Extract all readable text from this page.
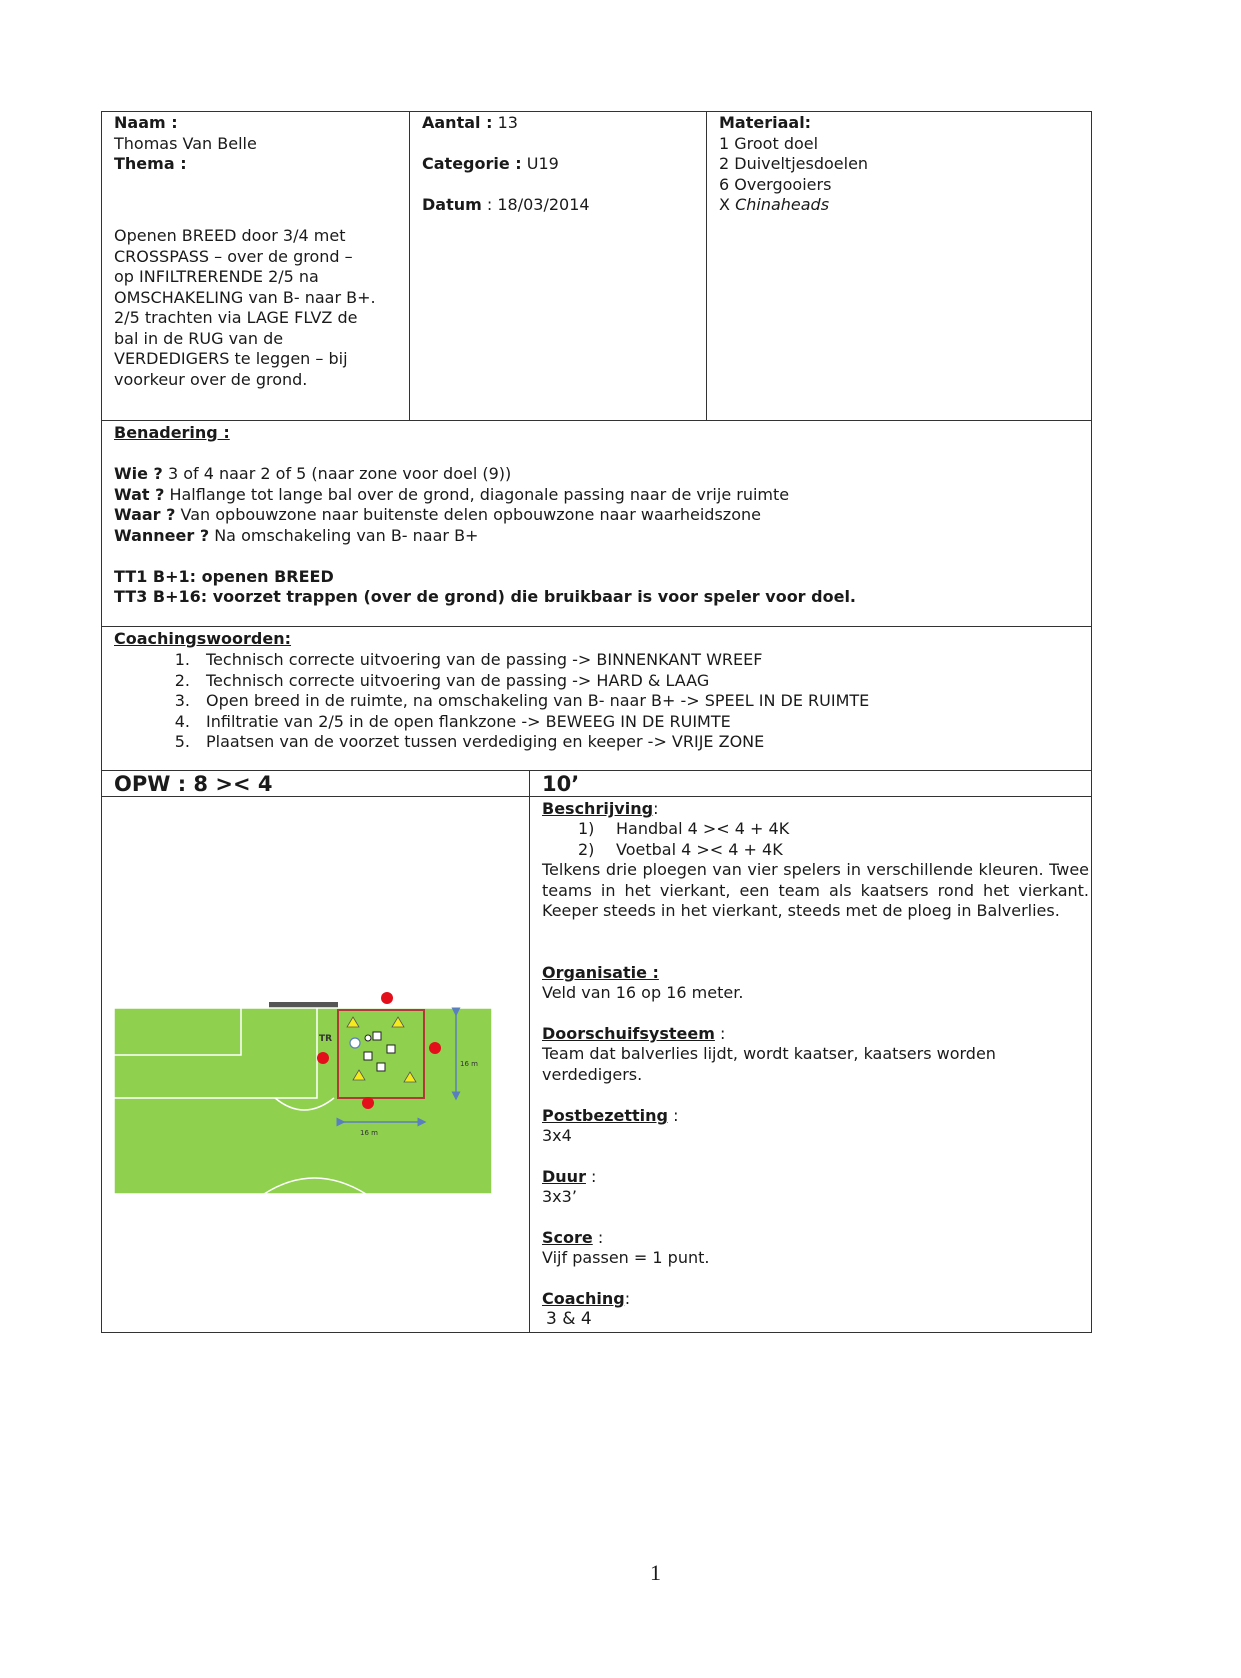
Naam :
Thomas Van Belle
Thema :
Openen BREED door 3/4 met
CROSSPASS – over de grond –
op INFILTRERENDE 2/5 na
OMSCHAKELING van B- naar B+.
2/5 trachten via LAGE FLVZ de
bal in de RUG van de
VERDEDIGERS te leggen – bij
voorkeur over de grond.
Aantal : 13
Categorie : U19
Datum : 18/03/2014
Materiaal:
1 Groot doel
2 Duiveltjesdoelen
6 Overgooiers
X Chinaheads
Benadering :
Wie ? 3 of 4 naar 2 of 5 (naar zone voor doel (9))
Wat ? Halflange tot lange bal over de grond, diagonale passing naar de vrije ruimte
Waar ? Van opbouwzone naar buitenste delen opbouwzone naar waarheidszone
Wanneer ? Na omschakeling van B- naar B+
TT1 B+1: openen BREED
TT3 B+16: voorzet trappen (over de grond) die bruikbaar is voor speler voor doel.
Coachingswoorden:
1. Technisch correcte uitvoering van de passing -> BINNENKANT WREEF
2. Technisch correcte uitvoering van de passing -> HARD & LAAG
3. Open breed in de ruimte, na omschakeling van B- naar B+ -> SPEEL IN DE RUIMTE
4. Infiltratie van 2/5 in de open flankzone -> BEWEEG IN DE RUIMTE
5. Plaatsen van de voorzet tussen verdediging en keeper -> VRIJE ZONE
OPW : 8 >< 4	10’
TR
16 m
16 m
Beschrijving:
1) Handbal 4 >< 4 + 4K
2) Voetbal 4 >< 4 + 4K
Telkens drie ploegen van vier spelers in verschillende kleuren. Twee teams in het vierkant, een team als kaatsers rond het vierkant. Keeper steeds in het vierkant, steeds met de ploeg in Balverlies.
Organisatie :
Veld van 16 op 16 meter.
Doorschuifsysteem :
Team dat balverlies lijdt, wordt kaatser, kaatsers worden
verdedigers.
Postbezetting :
3x4
Duur :
3x3’
Score :
Vijf passen = 1 punt.
Coaching:
3 & 4
1
